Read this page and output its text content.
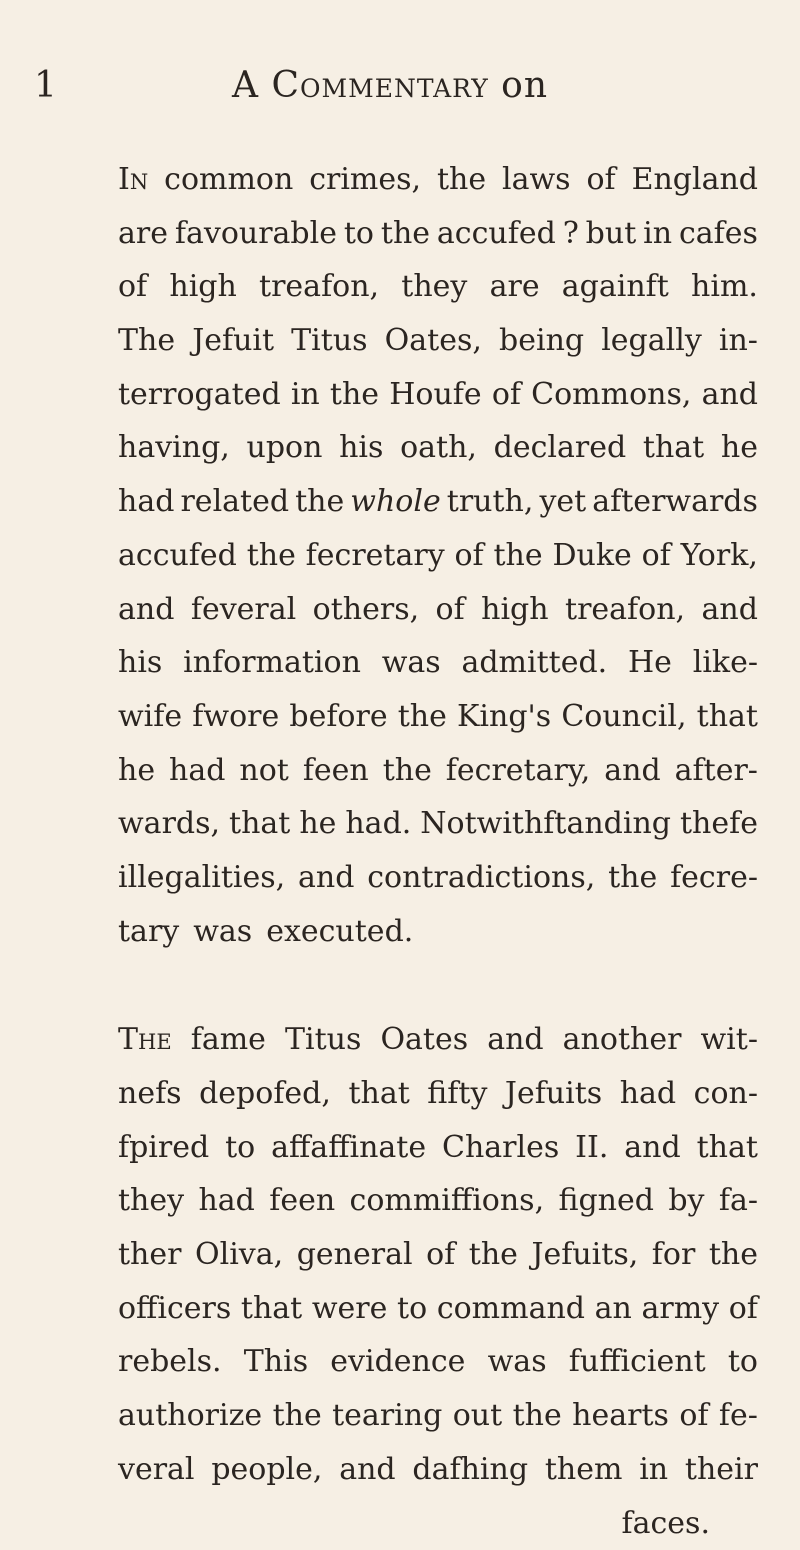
1	A Commentary on
In common crimes, the laws of England
are favourable to the accufed ? but in cafes
of high treafon, they are againft him.
The Jefuit Titus Oates, being legally in-
terrogated in the Houfe of Commons, and
having, upon his oath, declared that he
had related the whole truth, yet afterwards
accufed the fecretary of the Duke of York,
and feveral others, of high treafon, and
his information was admitted. He like-
wife fwore before the King's Council, that
he had not feen the fecretary, and after-
wards, that he had. Notwithftanding thefe
illegalities, and contradictions, the fecre-
tary was executed.
The fame Titus Oates and another wit-
nefs depofed, that fifty Jefuits had con-
fpired to affaffinate Charles II. and that
they had feen commiffions, figned by fa-
ther Oliva, general of the Jefuits, for the
officers that were to command an army of
rebels. This evidence was fufficient to
authorize the tearing out the hearts of fe-
veral people, and dafhing them in their
faces.
